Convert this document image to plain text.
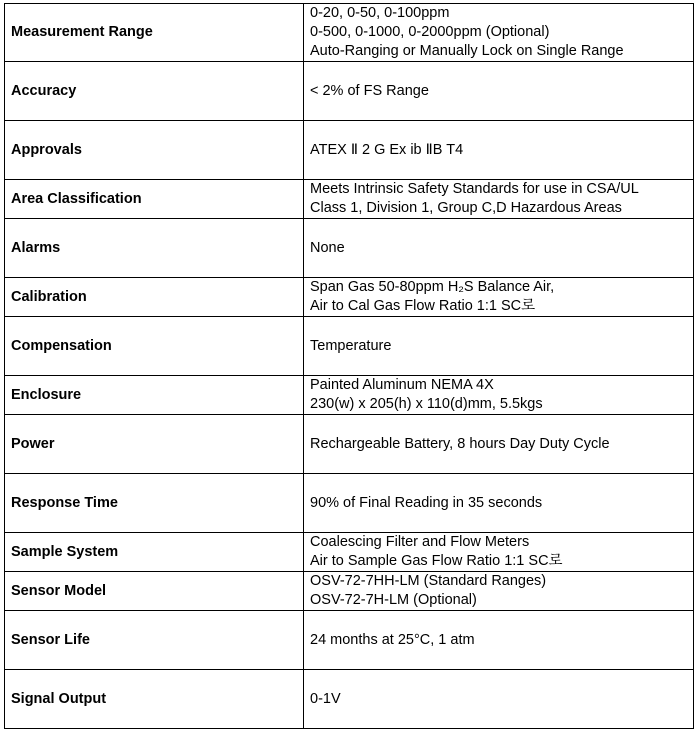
Measurement Range	0-20, 0-50, 0-100ppm
0-500, 0-1000, 0-2000ppm (Optional)
Auto-Ranging or Manually Lock on Single Range

Accuracy	< 2% of FS Range

Approvals	ATEX Ⅱ 2 G Ex ib ⅡB T4

Area Classification	Meets Intrinsic Safety Standards for use in CSA/UL
Class 1, Division 1, Group C,D Hazardous Areas

Alarms	None

Calibration	Span Gas 50-80ppm H₂S Balance Air,
Air to Cal Gas Flow Ratio 1:1 SC로

Compensation	Temperature

Enclosure	Painted Aluminum NEMA 4X
230(w) x 205(h) x 110(d)mm, 5.5kgs

Power	Rechargeable Battery, 8 hours Day Duty Cycle

Response Time	90% of Final Reading in 35 seconds

Sample System	Coalescing Filter and Flow Meters
Air to Sample Gas Flow Ratio 1:1 SC로

Sensor Model	OSV-72-7HH-LM (Standard Ranges)
OSV-72-7H-LM (Optional)

Sensor Life	24 months at 25°C, 1 atm

Signal Output	0-1V
